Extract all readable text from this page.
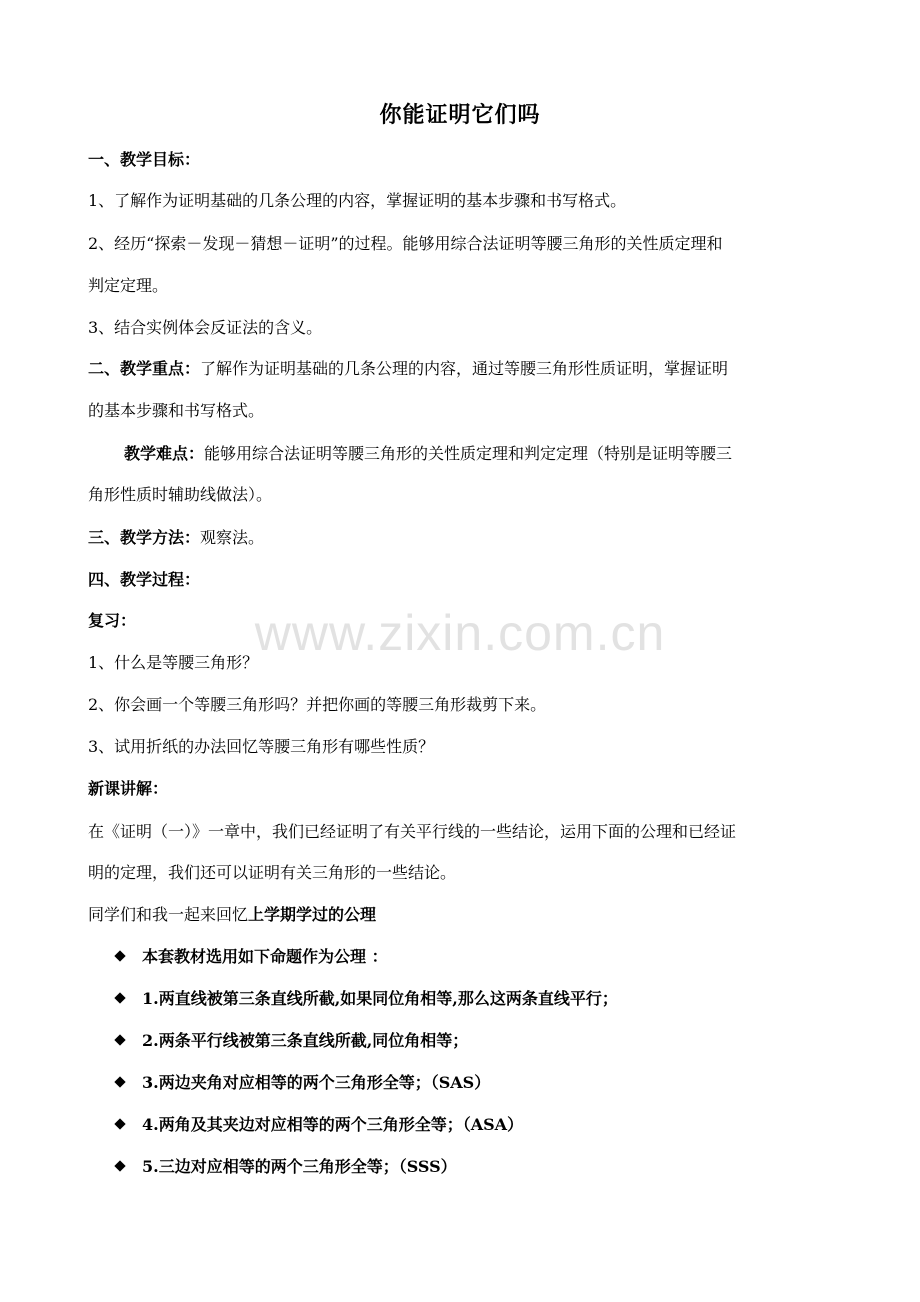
你能证明它们吗
一、教学目标：
1、了解作为证明基础的几条公理的内容，掌握证明的基本步骤和书写格式。
2、经历“探索－发现－猜想－证明”的过程。能够用综合法证明等腰三角形的关性质定理和
判定定理。
3、结合实例体会反证法的含义。
二、教学重点：了解作为证明基础的几条公理的内容，通过等腰三角形性质证明，掌握证明
的基本步骤和书写格式。
教学难点：能够用综合法证明等腰三角形的关性质定理和判定定理（特别是证明等腰三
角形性质时辅助线做法）。
三、教学方法：观察法。
四、教学过程：
复习：
1、什么是等腰三角形？
2、你会画一个等腰三角形吗？并把你画的等腰三角形裁剪下来。
3、试用折纸的办法回忆等腰三角形有哪些性质？
新课讲解：
在《证明（一）》一章中，我们已经证明了有关平行线的一些结论，运用下面的公理和已经证
明的定理，我们还可以证明有关三角形的一些结论。
同学们和我一起来回忆上学期学过的公理
本套教材选用如下命题作为公理 ：
1.两直线被第三条直线所截,如果同位角相等,那么这两条直线平行；
2.两条平行线被第三条直线所截,同位角相等；
3.两边夹角对应相等的两个三角形全等；（SAS）
4.两角及其夹边对应相等的两个三角形全等；（ASA）
5.三边对应相等的两个三角形全等；（SSS）
www.zixin.com.cn
